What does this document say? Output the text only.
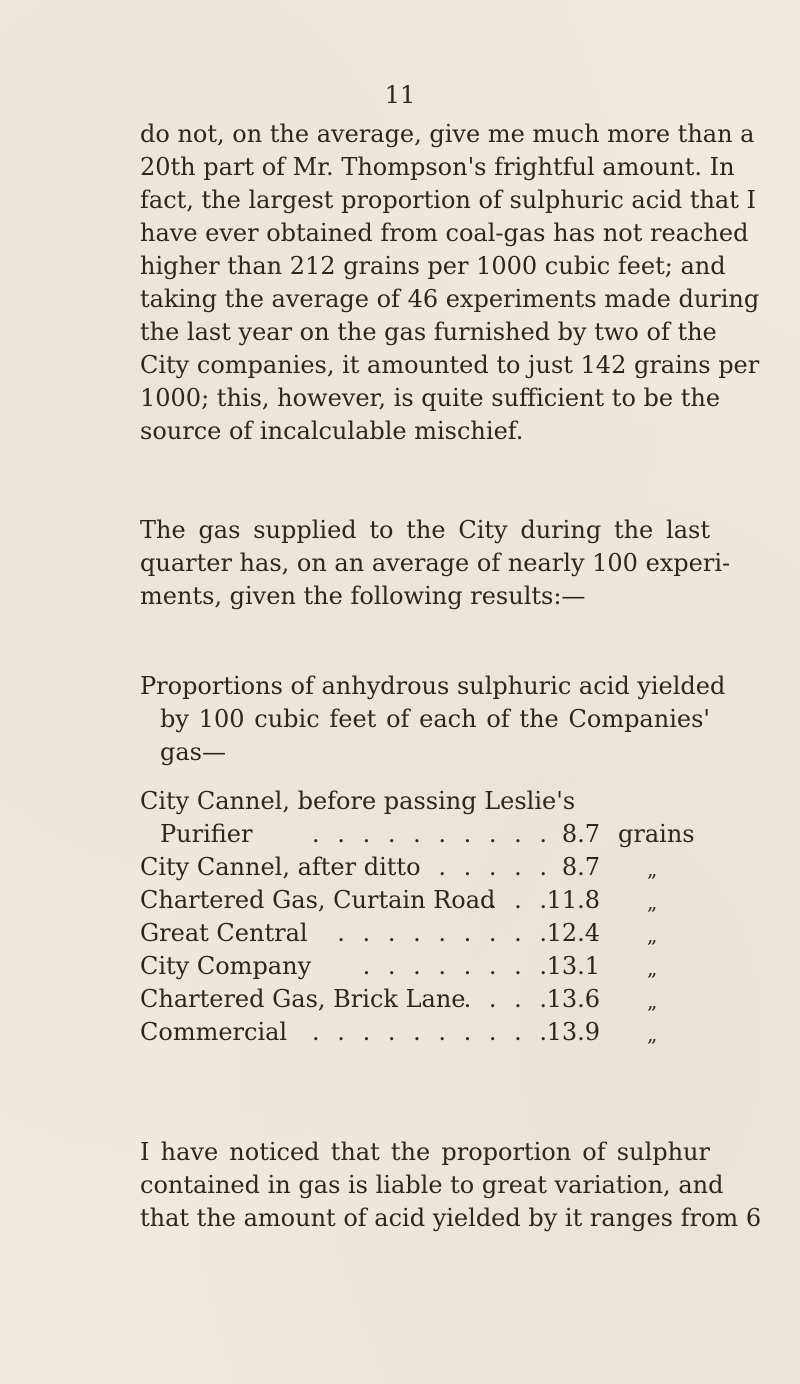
11

do not, on the average, give me much more than a
20th part of Mr. Thompson's frightful amount. In
fact, the largest proportion of sulphuric acid that I
have ever obtained from coal-gas has not reached
higher than 212 grains per 1000 cubic feet; and
taking the average of 46 experiments made during
the last year on the gas furnished by two of the
City companies, it amounted to just 142 grains per
1000; this, however, is quite sufficient to be the
source of incalculable mischief.

The gas supplied to the City during the last
quarter has, on an average of nearly 100 experi-
ments, given the following results:—

Proportions of anhydrous sulphuric acid yielded
by 100 cubic feet of each of the Companies'
gas—
City Cannel, before passing Leslie's
Purifier . . . . . . . . . . 8.7 grains
City Cannel, after ditto . . . . . 8.7 „
Chartered Gas, Curtain Road
. . .
11.8 „
Great Central . . . . . . . . .
12.4 „
City Company . . . . . . . .
13.1 „
Chartered Gas, Brick Lane
. . . .
13.6 „
Commercial . . . . . . . . . .
13.9 „

I have noticed that the proportion of sulphur
contained in gas is liable to great variation, and
that the amount of acid yielded by it ranges from 6
